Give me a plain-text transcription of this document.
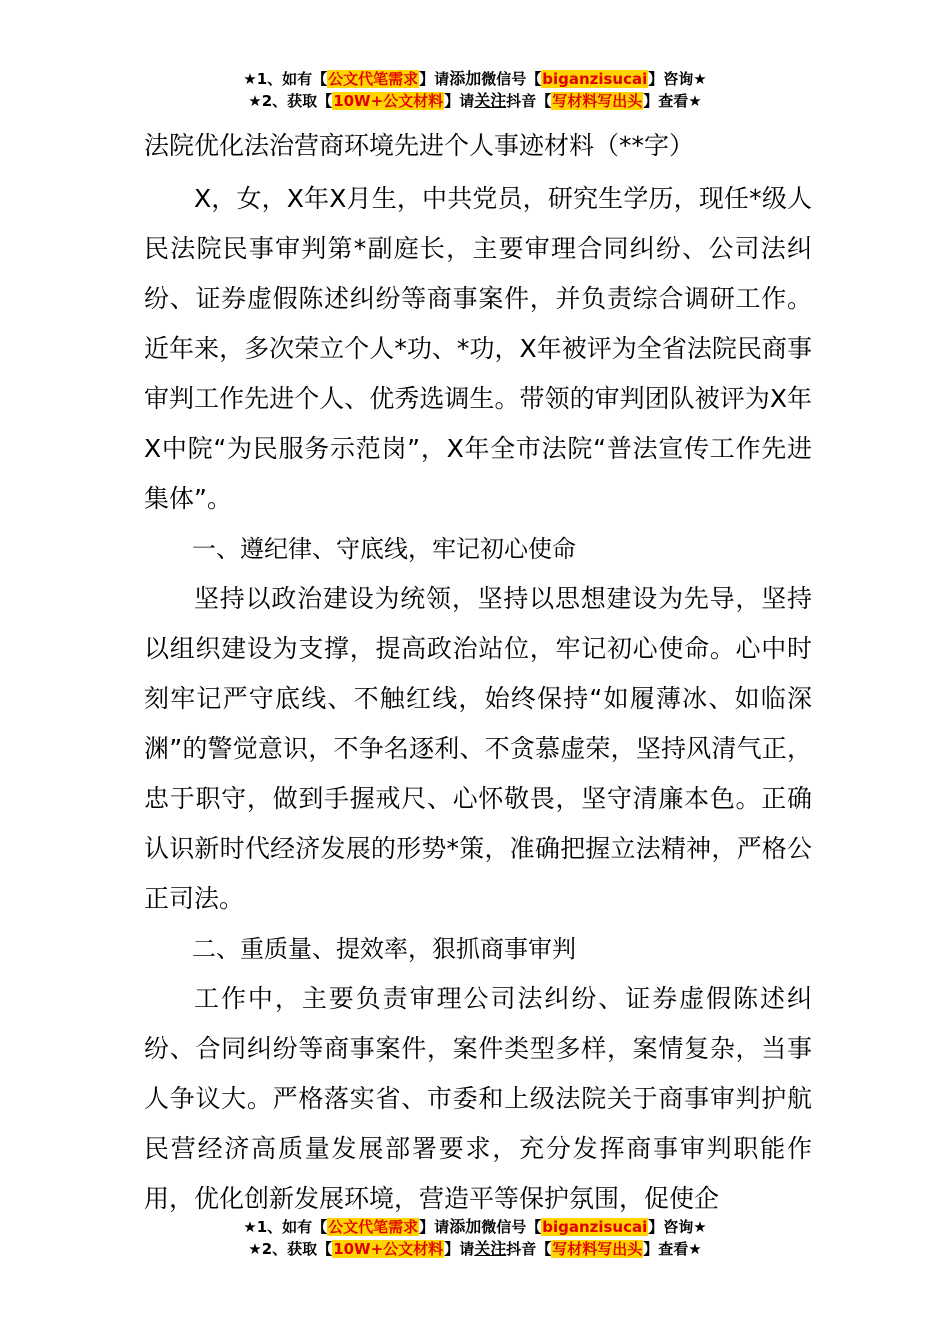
★1、如有【公文代笔需求】请添加微信号【biganzisucai】咨询★
★2、获取【10W+公文材料】请关注抖音【写材料写出头】查看★

法院优化法治营商环境先进个人事迹材料（**字）

X，女，X年X月生，中共党员，研究生学历，现任*级人民法院民事审判第*副庭长，主要审理合同纠纷、公司法纠纷、证券虚假陈述纠纷等商事案件，并负责综合调研工作。近年来，多次荣立个人*功、*功，X年被评为全省法院民商事审判工作先进个人、优秀选调生。带领的审判团队被评为X年X中院“为民服务示范岗”，X年全市法院“普法宣传工作先进集体”。

一、遵纪律、守底线，牢记初心使命

坚持以政治建设为统领，坚持以思想建设为先导，坚持以组织建设为支撑，提高政治站位，牢记初心使命。心中时刻牢记严守底线、不触红线，始终保持“如履薄冰、如临深渊”的警觉意识，不争名逐利、不贪慕虚荣，坚持风清气正，忠于职守，做到手握戒尺、心怀敬畏，坚守清廉本色。正确认识新时代经济发展的形势*策，准确把握立法精神，严格公正司法。

二、重质量、提效率，狠抓商事审判

工作中，主要负责审理公司法纠纷、证券虚假陈述纠纷、合同纠纷等商事案件，案件类型多样，案情复杂，当事人争议大。严格落实省、市委和上级法院关于商事审判护航民营经济高质量发展部署要求，充分发挥商事审判职能作用，优化创新发展环境，营造平等保护氛围，促使企

★1、如有【公文代笔需求】请添加微信号【biganzisucai】咨询★
★2、获取【10W+公文材料】请关注抖音【写材料写出头】查看★
